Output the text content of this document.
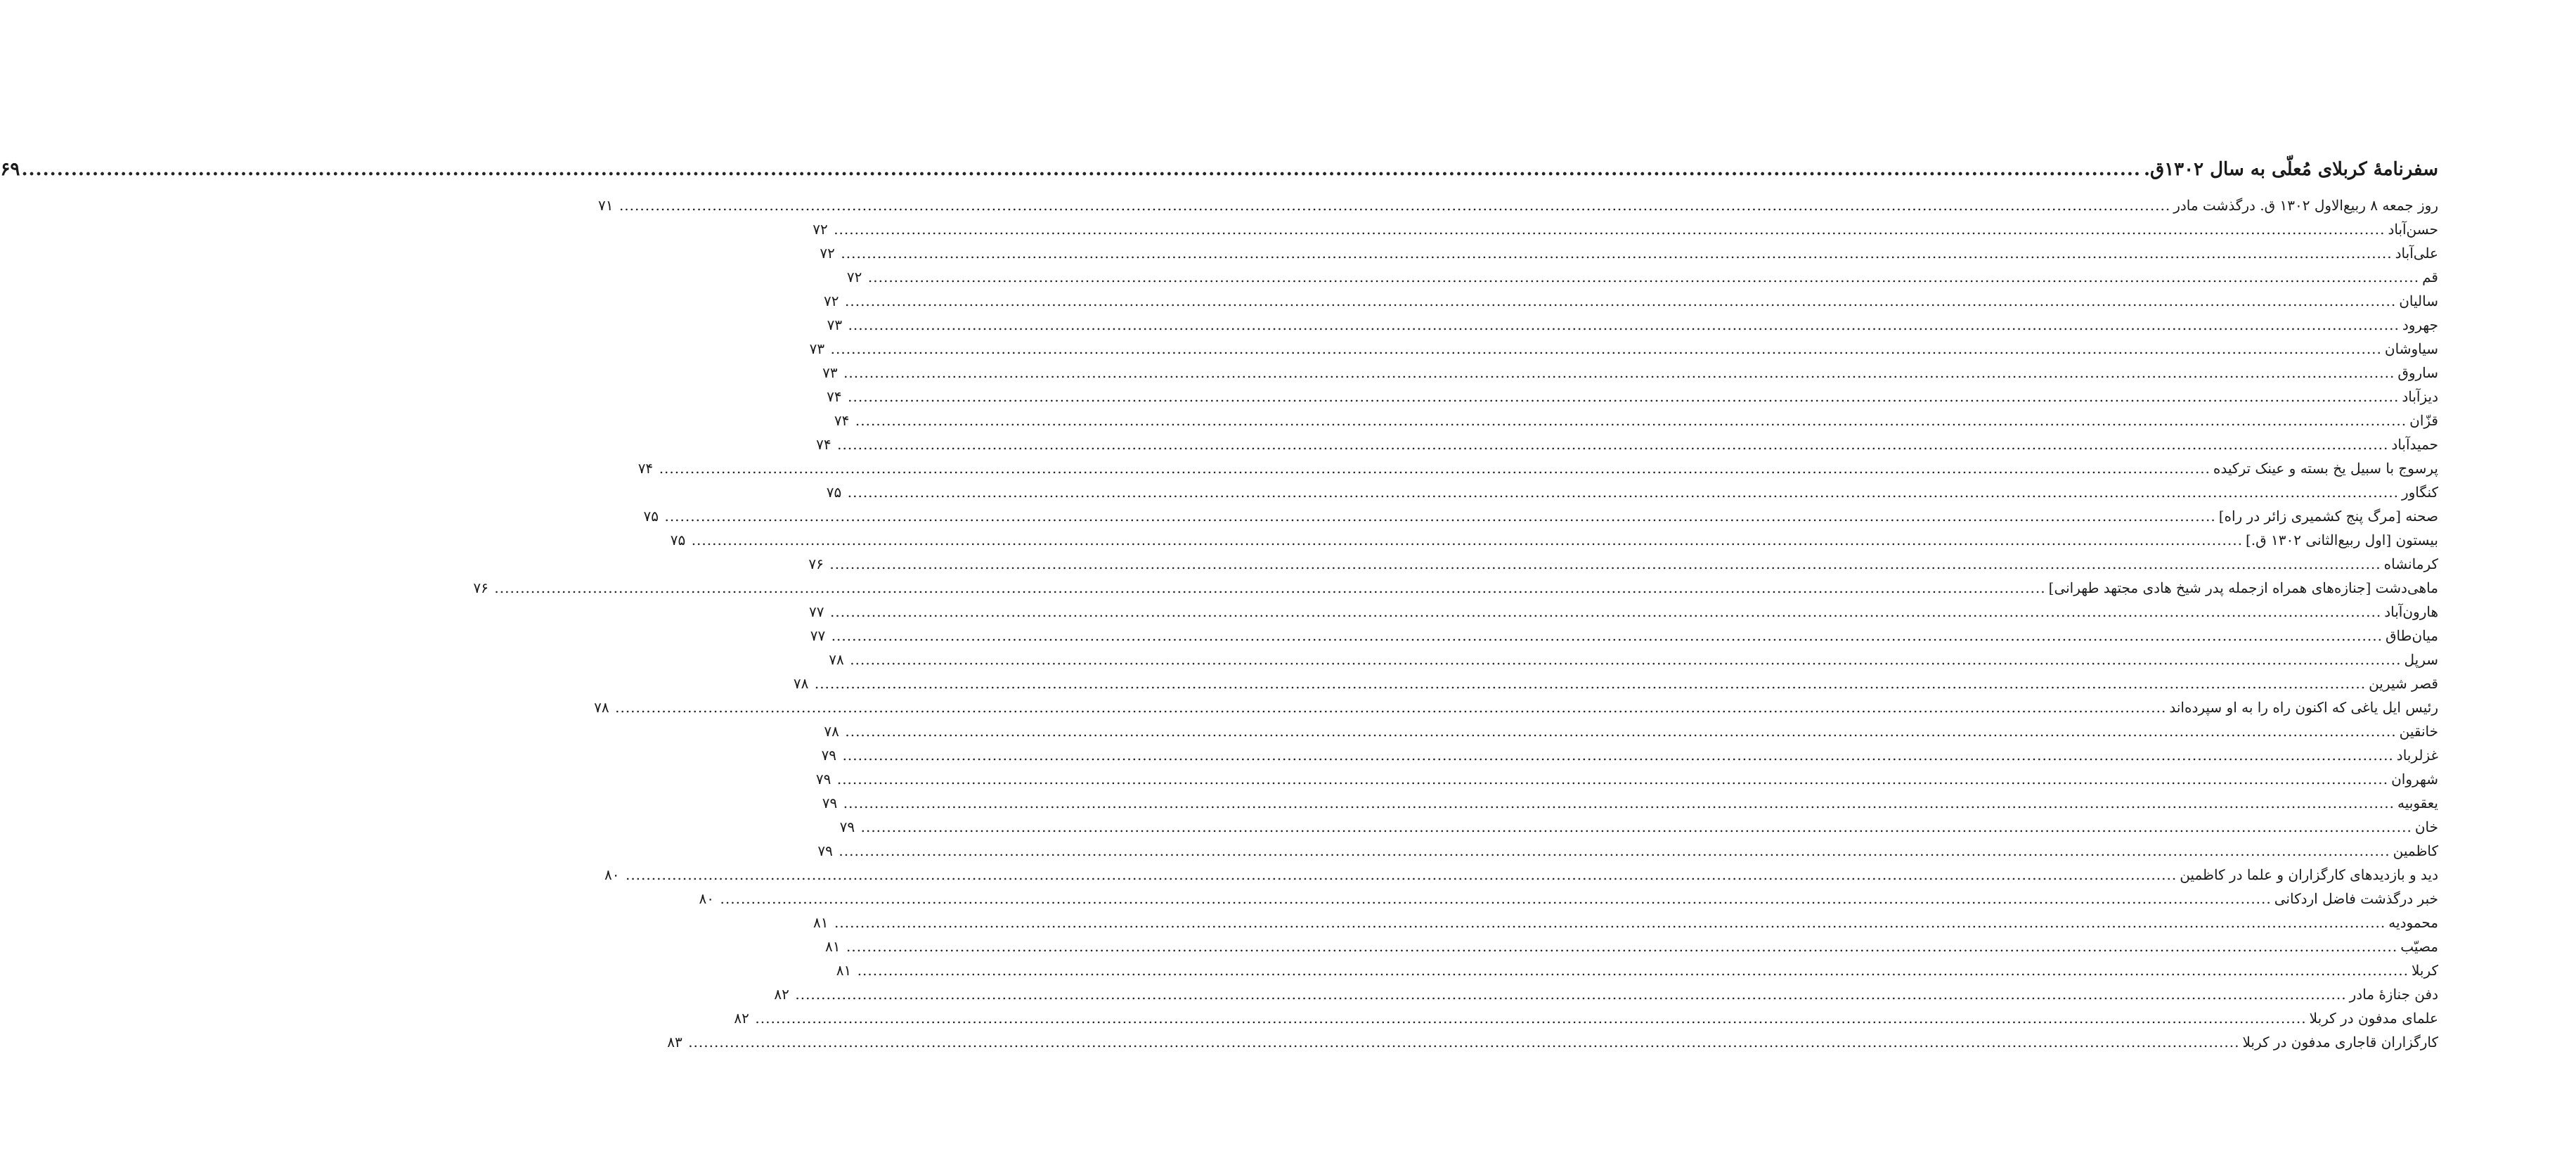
سفرنامهٔ کربلای مُعلّی به سال ۱۳۰۲ق.
............................................................................................................................................................................................................................................................................................................
۶۹
روز جمعه ۸ ربیع‌الاول ۱۳۰۲ ق. درگذشت مادر
............................................................................................................................................................................................................................................................................................................
۷۱
حسن‌آباد
............................................................................................................................................................................................................................................................................................................
۷۲
علی‌آباد
............................................................................................................................................................................................................................................................................................................
۷۲
قم
............................................................................................................................................................................................................................................................................................................
۷۲
سالیان
............................................................................................................................................................................................................................................................................................................
۷۲
جهرود
............................................................................................................................................................................................................................................................................................................
۷۳
سیاوشان
............................................................................................................................................................................................................................................................................................................
۷۳
ساروق
............................................................................................................................................................................................................................................................................................................
۷۳
دیزآباد
............................................................................................................................................................................................................................................................................................................
۷۴
قزّان
............................................................................................................................................................................................................................................................................................................
۷۴
حمیدآباد
............................................................................................................................................................................................................................................................................................................
۷۴
پرسوج با سبیل یخ بسته و عینک ترکیده
............................................................................................................................................................................................................................................................................................................
۷۴
کنگاور
............................................................................................................................................................................................................................................................................................................
۷۵
صحنه [مرگ پنج کشمیری زائر در راه]
............................................................................................................................................................................................................................................................................................................
۷۵
بیستون [اول ربیع‌الثانی ۱۳۰۲ ق.]
............................................................................................................................................................................................................................................................................................................
۷۵
کرمانشاه
............................................................................................................................................................................................................................................................................................................
۷۶
ماهی‌دشت [جنازه‌های همراه ازجمله پدر شیخ هادی مجتهد طهرانی]
............................................................................................................................................................................................................................................................................................................
۷۶
هارون‌آباد
............................................................................................................................................................................................................................................................................................................
۷۷
میان‌طاق
............................................................................................................................................................................................................................................................................................................
۷۷
سرپل
............................................................................................................................................................................................................................................................................................................
۷۸
قصر شیرین
............................................................................................................................................................................................................................................................................................................
۷۸
رئیس ایل یاغی که اکنون راه را به او سپرده‌اند
............................................................................................................................................................................................................................................................................................................
۷۸
خانقین
............................................................................................................................................................................................................................................................................................................
۷۸
غزلرباد
............................................................................................................................................................................................................................................................................................................
۷۹
شهروان
............................................................................................................................................................................................................................................................................................................
۷۹
یعقوبیه
............................................................................................................................................................................................................................................................................................................
۷۹
خان
............................................................................................................................................................................................................................................................................................................
۷۹
کاظمین
............................................................................................................................................................................................................................................................................................................
۷۹
دید و بازدیدهای کارگزاران و علما در کاظمین
............................................................................................................................................................................................................................................................................................................
۸۰
خبر درگذشت فاضل اردکانی
............................................................................................................................................................................................................................................................................................................
۸۰
محمودیه
............................................................................................................................................................................................................................................................................................................
۸۱
مصیّب
............................................................................................................................................................................................................................................................................................................
۸۱
کربلا
............................................................................................................................................................................................................................................................................................................
۸۱
دفن جنازهٔ مادر
............................................................................................................................................................................................................................................................................................................
۸۲
علمای مدفون در کربلا
............................................................................................................................................................................................................................................................................................................
۸۲
کارگزاران قاجاری مدفون در کربلا
............................................................................................................................................................................................................................................................................................................
۸۳
